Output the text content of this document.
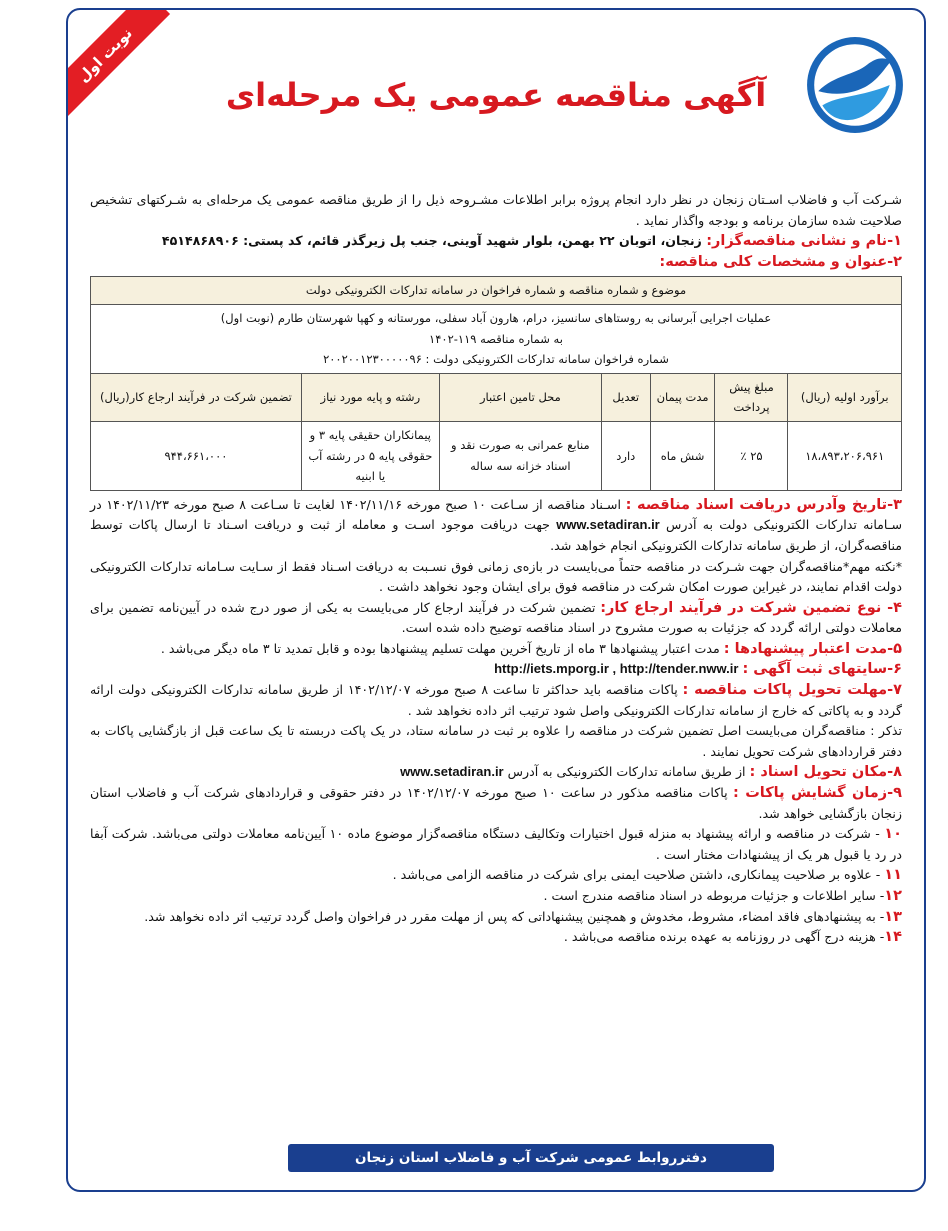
نوبت اول
آگهی مناقصه عمومی یک مرحله‌ای

شـرکت آب و فاضلاب اسـتان زنجان در نظر دارد انجام پروژه برابر اطلاعات مشـروحه ذیل را از طریق مناقصه عمومی یک مرحله‌ای به شـرکتهای تشخیص صلاحیت شده سازمان برنامه و بودجه واگذار نماید .

۱-نام و نشانی مناقصه‌گزار: زنجان، اتوبان ۲۲ بهمن، بلوار شهید آوینی، جنب پل زیرگذر قائم، کد پستی: ۴۵۱۴۸۶۸۹۰۶

۲-عنوان و مشخصات کلی مناقصه:

موضوع و شماره مناقصه و شماره فراخوان در سامانه تدارکات الکترونیکی دولت						

عملیات اجرایی آبرسانی به روستاهای سانسیز، درام، هارون آباد سفلی، مورستانه و کهپا شهرستان طارم (نوبت اول)
به شماره مناقصه ۱۱۹-۱۴۰۲
شماره فراخوان سامانه تدارکات الکترونیکی دولت : ۲۰۰۲۰۰۱۲۳۰۰۰۰۰۹۶						

برآورد اولیه (ریال)	مبلغ پیش پرداخت	مدت پیمان	تعدیل	محل تامین اعتبار	رشته و پایه مورد نیاز	تضمین شرکت در فرآیند ارجاع کار(ریال)
۱۸،۸۹۳،۲۰۶،۹۶۱	۲۵ ٪	شش ماه	دارد	منابع عمرانی به صورت نقد و اسناد خزانه سه ساله	پیمانکاران حقیقی پایه ۳ و حقوقی پایه ۵ در رشته آب یا ابنیه	۹۴۴،۶۶۱،۰۰۰

۳-تاریخ وآدرس دریافت اسناد مناقصه : اسـناد مناقصه از سـاعت ۱۰ صبح مورخه ۱۴۰۲/۱۱/۱۶ لغایت تا سـاعت ۸ صبح مورخه ۱۴۰۲/۱۱/۲۳ در سـامانه تدارکات الکترونیکی دولت به آدرس www.setadiran.ir جهت دریافت موجود اسـت و معامله از ثبت و دریافت اسـناد تا ارسال پاکات توسط مناقصه‌گران، از طریق سامانه تدارکات الکترونیکی انجام خواهد شد.

*نکته مهم*مناقصه‌گران جهت شـرکت در مناقصه حتماً می‌بایست در بازه‌ی زمانی فوق نسـبت به دریافت اسـناد فقط از سـایت سـامانه تدارکات الکترونیکی دولت اقدام نمایند، در غیراین صورت امکان شرکت در مناقصه فوق برای ایشان وجود نخواهد داشت .

۴- نوع تضمین شرکت در فرآیند ارجاع کار: تضمین شرکت در فرآیند ارجاع کار می‌بایست به یکی از صور درج شده در آیین‌نامه تضمین برای معاملات دولتی ارائه گردد که جزئیات به صورت مشروح در اسناد مناقصه توضیح داده شده است.

۵-مدت اعتبار پیشنهادها : مدت اعتبار پیشنهادها ۳ ماه از تاریخ آخرین مهلت تسلیم پیشنهادها بوده و قابل تمدید تا ۳ ماه دیگر می‌باشد .

۶-سایتهای ثبت آگهی : http://iets.mporg.ir , http://tender.nww.ir

۷-مهلت تحویل پاکات مناقصه : پاکات مناقصه باید حداکثر تا ساعت ۸ صبح مورخه ۱۴۰۲/۱۲/۰۷ از طریق سامانه تدارکات الکترونیکی دولت ارائه گردد و به پاکاتی که خارج از سامانه تدارکات الکترونیکی واصل شود ترتیب اثر داده نخواهد شد .

تذکر : مناقصه‌گران می‌بایست اصل تضمین شرکت در مناقصه را علاوه بر ثبت در سامانه ستاد، در یک پاکت دربسته تا یک ساعت قبل از بازگشایی پاکات به دفتر قراردادهای شرکت تحویل نمایند .

۸-مکان تحویل اسناد : از طریق سامانه تدارکات الکترونیکی به آدرس www.setadiran.ir

۹-زمان گشایش پاکات : پاکات مناقصه مذکور در ساعت ۱۰ صبح مورخه ۱۴۰۲/۱۲/۰۷ در دفتر حقوقی و قراردادهای شرکت آب و فاضلاب استان زنجان بازگشایی خواهد شد.

۱۰ - شرکت در مناقصه و ارائه پیشنهاد به منزله قبول اختیارات وتکالیف دستگاه مناقصه‌گزار موضوع ماده ۱۰ آیین‌نامه معاملات دولتی می‌باشد. شرکت آبفا در رد یا قبول هر یک از پیشنهادات مختار است .

۱۱ - علاوه بر صلاحیت پیمانکاری، داشتن صلاحیت ایمنی برای شرکت در مناقصه الزامی می‌باشد .

۱۲- سایر اطلاعات و جزئیات مربوطه در اسناد مناقصه مندرج است .

۱۳- به پیشنهادهای فاقد امضاء، مشروط، مخدوش و همچنین پیشنهاداتی که پس از مهلت مقرر در فراخوان واصل گردد ترتیب اثر داده نخواهد شد.

۱۴- هزینه درج آگهی در روزنامه به عهده برنده مناقصه می‌باشد .

دفترروابط عمومی شرکت آب و فاضلاب استان زنجان
